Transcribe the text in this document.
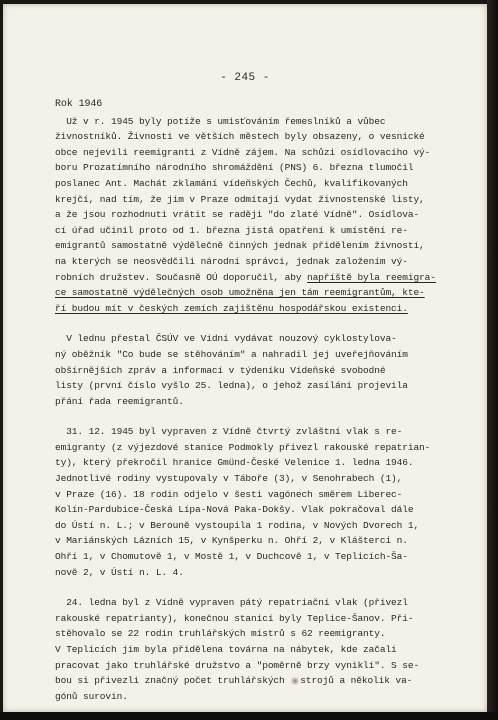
- 245 -
Rok 1946
Už v r. 1945 byly potíže s umisťováním řemeslníků a vůbec
živnostníků. Živnosti ve větších městech byly obsazeny, o vesnické
obce nejevili reemigranti z Vídně zájem. Na schůzi osídlovacího vý-
boru Prozatímního národního shromáždění (PNS) 6. března tlumočil
poslanec Ant. Machát zklamání vídeňských Čechů, kvalifikovaných
krejčí, nad tím, že jim v Praze odmítají vydat živnostenské listy,
a že jsou rozhodnuti vrátit se raději "do zlaté Vídně". Osídlova-
cí úřad učinil proto od 1. března jistá opatření k umístění re-
emigrantů samostatně výdělečně činných jednak přidělením živností,
na kterých se neosvědčili národní správci, jednak založením vý-
robních družstev. Současně OÚ doporučil, aby napříště byla reemigra-
ce samostatně výdělečných osob umožněna jen tám reemigrantům, kte-
ří budou mít v českých zemích zajištěnu hospodářskou existenci.
V lednu přestal ČSÚV ve Vídni vydávat nouzový cyklostylova-
ný oběžník "Co bude se stěhováním" a nahradil jej uveřejňováním
obšírnějších zpráv a informací v týdeníku Vídeňské svobodné
listy (první číslo vyšlo 25. ledna), o jehož zasílání projevila
přání řada reemigrantů.
31. 12. 1945 byl vypraven z Vídně čtvrtý zvláštní vlak s re-
emigranty (z výjezdové stanice Podmokly přivezl rakouské repatrian-
ty), který překročil hranice Gmünd-České Velenice 1. ledna 1946.
Jednotlivé rodiny vystupovaly v Táboře (3), v Senohrabech (1),
v Praze (16). 18 rodin odjelo v šesti vagónech směrem Liberec-
Kolín-Pardubice-Česká Lípa-Nová Paka-Dokšy. Vlak pokračoval dále
do Ústí n. L.; v Berouně vystoupila 1 rodina, v Nových Dvorech 1,
v Mariánských Lázních 15, v Kynšperku n. Ohří 2, v Klášterci n.
Ohří 1, v Chomutově 1, v Mostě 1, v Duchcově 1, v Teplicích-Ša-
nově 2, v Ústí n. L. 4.
24. ledna byl z Vídně vypraven pátý repatriační vlak (přivezl
rakouské repatrianty), konečnou stanicí byly Teplice-Šanov. Při-
stěhovalo se 22 rodin truhlářských mistrů s 62 reemigranty.
V Teplicích jim byla přidělena továrna na nábytek, kde začali
pracovat jako truhlářské družstvo a "poměrně brzy vynikli". S se-
bou si přivezli značný počet truhlářských strojů a několik va-
gónů surovin.
